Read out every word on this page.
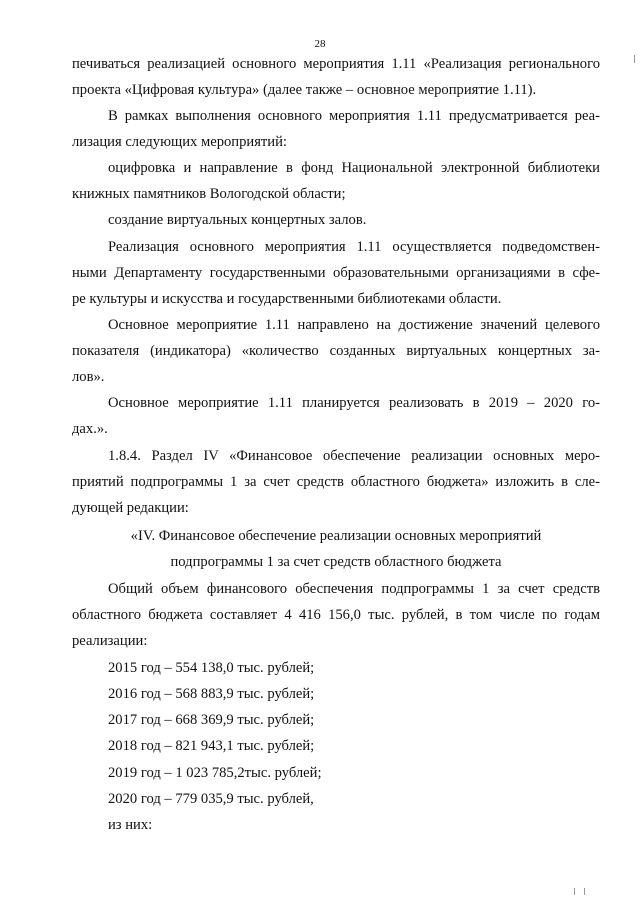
28
печиваться реализацией основного мероприятия 1.11 «Реализация регионального
проекта «Цифровая культура» (далее также – основное мероприятие 1.11).
В рамках выполнения основного мероприятия 1.11 предусматривается реа-
лизация следующих мероприятий:
оцифровка и направление в фонд Национальной электронной библиотеки
книжных памятников Вологодской области;
создание виртуальных концертных залов.
Реализация основного мероприятия 1.11 осуществляется подведомствен-
ными Департаменту государственными образовательными организациями в сфе-
ре культуры и искусства и государственными библиотеками области.
Основное мероприятие 1.11 направлено на достижение значений целевого
показателя (индикатора) «количество созданных виртуальных концертных за-
лов».
Основное мероприятие 1.11 планируется реализовать в 2019 – 2020 го-
дах.».
1.8.4. Раздел IV «Финансовое обеспечение реализации основных меро-
приятий подпрограммы 1 за счет средств областного бюджета» изложить в сле-
дующей редакции:
«IV. Финансовое обеспечение реализации основных мероприятий
подпрограммы 1 за счет средств областного бюджета
Общий объем финансового обеспечения подпрограммы 1 за счет средств
областного бюджета составляет 4 416 156,0 тыс. рублей, в том числе по годам
реализации:
2015 год – 554 138,0 тыс. рублей;
2016 год – 568 883,9 тыс. рублей;
2017 год – 668 369,9 тыс. рублей;
2018 год – 821 943,1 тыс. рублей;
2019 год – 1 023 785,2тыс. рублей;
2020 год – 779 035,9 тыс. рублей,
из них:
